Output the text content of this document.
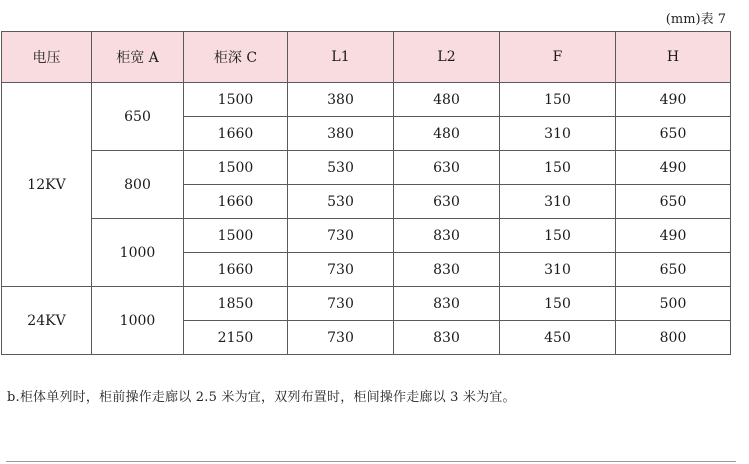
(mm)表 7
电压	柜宽 A	柜深 C	L1	L2	F	H
12KV	650	1500	380	480	150	490
		1660	380	480	310	650
	800	1500	530	630	150	490
		1660	530	630	310	650
	1000	1500	730	830	150	490
		1660	730	830	310	650
24KV	1000	1850	730	830	150	500
		2150	730	830	450	800
b.柜体单列时，柜前操作走廊以 2.5 米为宜，双列布置时，柜间操作走廊以 3 米为宜。
